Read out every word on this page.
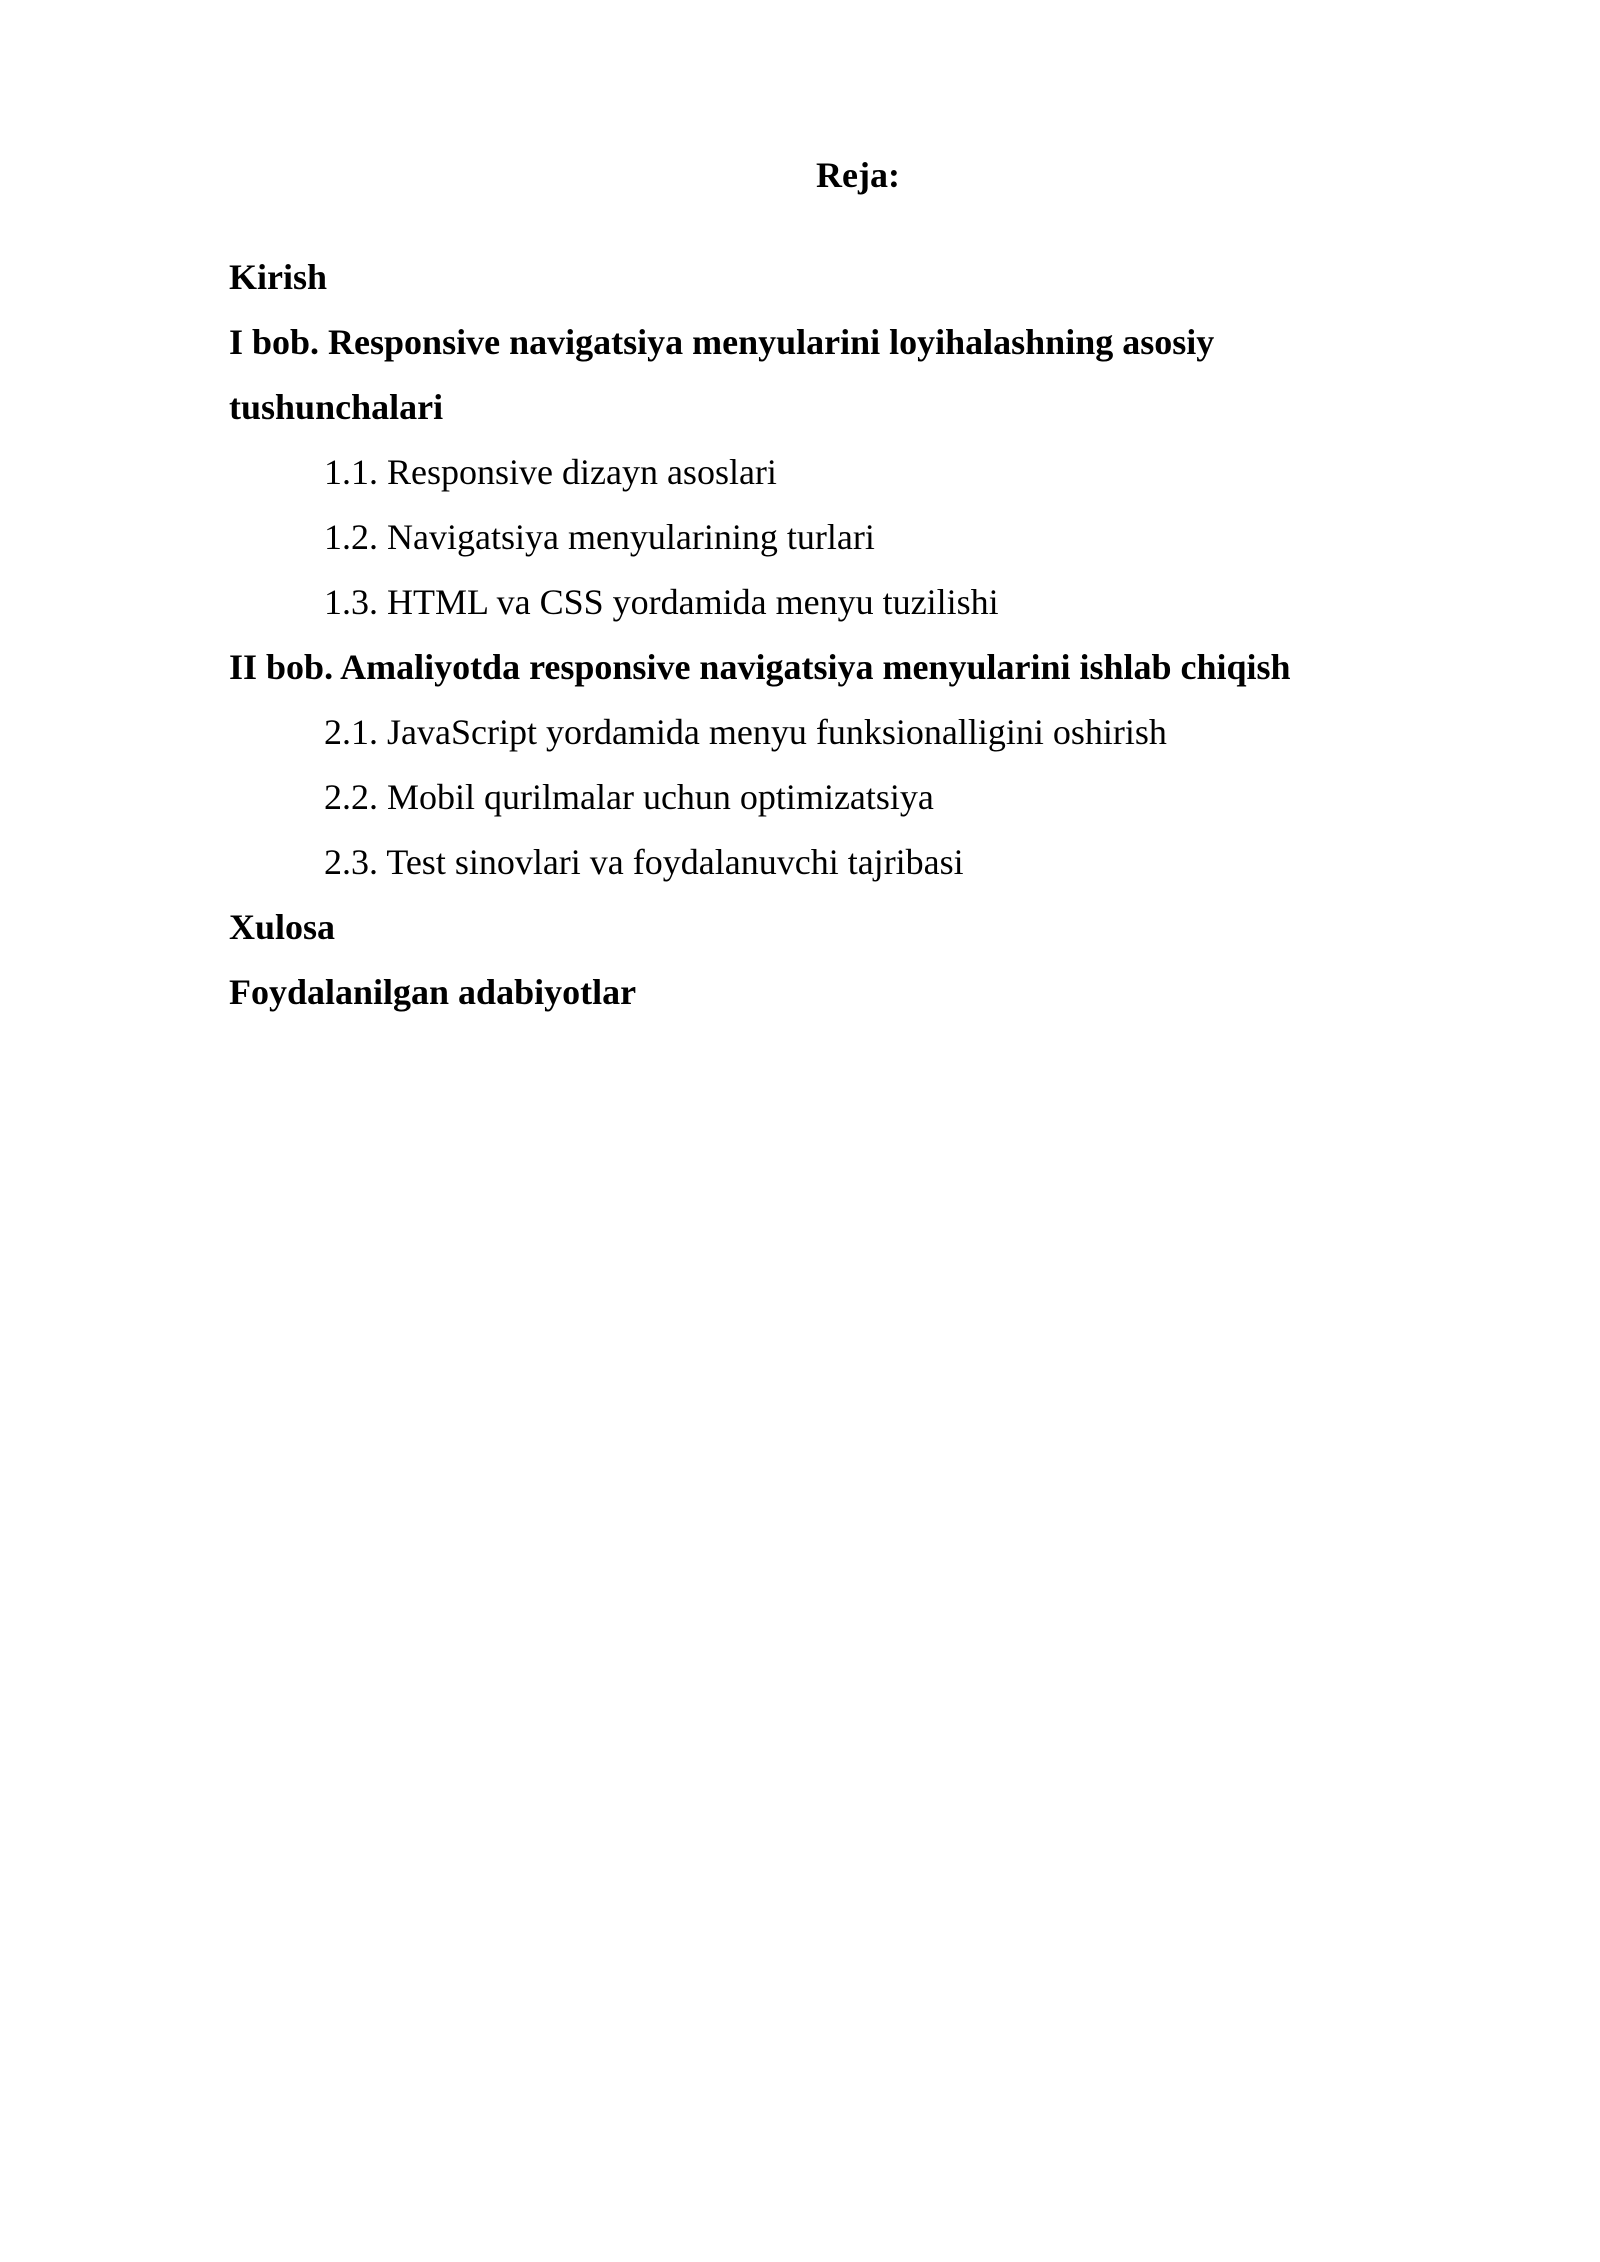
Reja:
Kirish
I bob. Responsive navigatsiya menyularini loyihalashning asosiy tushunchalari
1.1. Responsive dizayn asoslari
1.2. Navigatsiya menyularining turlari
1.3. HTML va CSS yordamida menyu tuzilishi
II bob. Amaliyotda responsive navigatsiya menyularini ishlab chiqish
2.1. JavaScript yordamida menyu funksionalligini oshirish
2.2. Mobil qurilmalar uchun optimizatsiya
2.3. Test sinovlari va foydalanuvchi tajribasi
Xulosa
Foydalanilgan adabiyotlar
